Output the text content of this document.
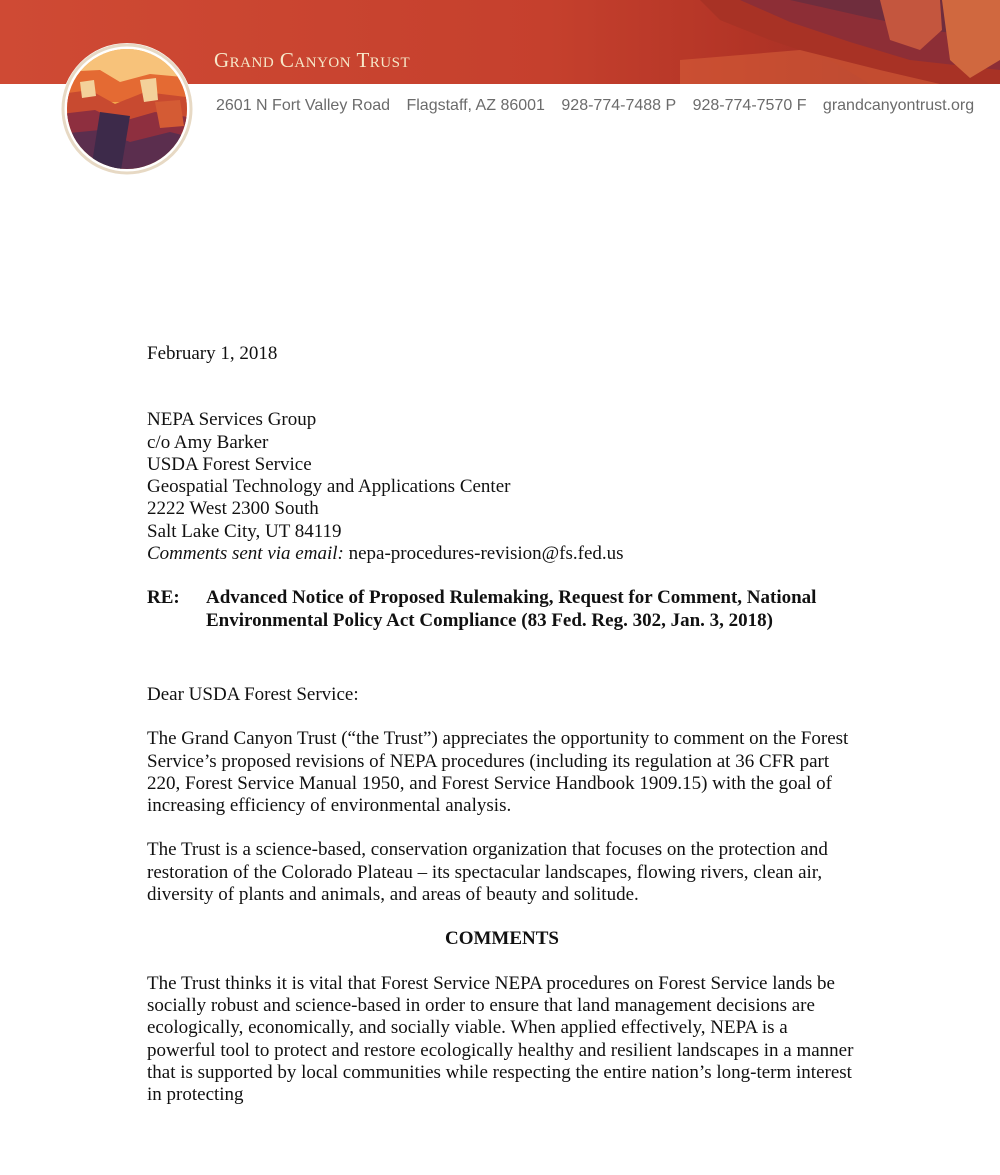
Grand Canyon Trust
2601 N Fort Valley Road Flagstaff, AZ 86001 928-774-7488 P 928-774-7570 F grandcanyontrust.org

February 1, 2018

NEPA Services Group
c/o Amy Barker
USDA Forest Service
Geospatial Technology and Applications Center
2222 West 2300 South
Salt Lake City, UT 84119
Comments sent via email: nepa-procedures-revision@fs.fed.us
RE:	Advanced Notice of Proposed Rulemaking, Request for Comment, National Environmental Policy Act Compliance (83 Fed. Reg. 302, Jan. 3, 2018)

Dear USDA Forest Service:

The Grand Canyon Trust (“the Trust”) appreciates the opportunity to comment on the Forest Service’s proposed revisions of NEPA procedures (including its regulation at 36 CFR part 220, Forest Service Manual 1950, and Forest Service Handbook 1909.15) with the goal of increasing efficiency of environmental analysis.

The Trust is a science-based, conservation organization that focuses on the protection and restoration of the Colorado Plateau – its spectacular landscapes, flowing rivers, clean air, diversity of plants and animals, and areas of beauty and solitude.

COMMENTS

The Trust thinks it is vital that Forest Service NEPA procedures on Forest Service lands be socially robust and science-based in order to ensure that land management decisions are ecologically, economically, and socially viable. When applied effectively, NEPA is a powerful tool to protect and restore ecologically healthy and resilient landscapes in a manner that is supported by local communities while respecting the entire nation’s long-term interest in protecting
